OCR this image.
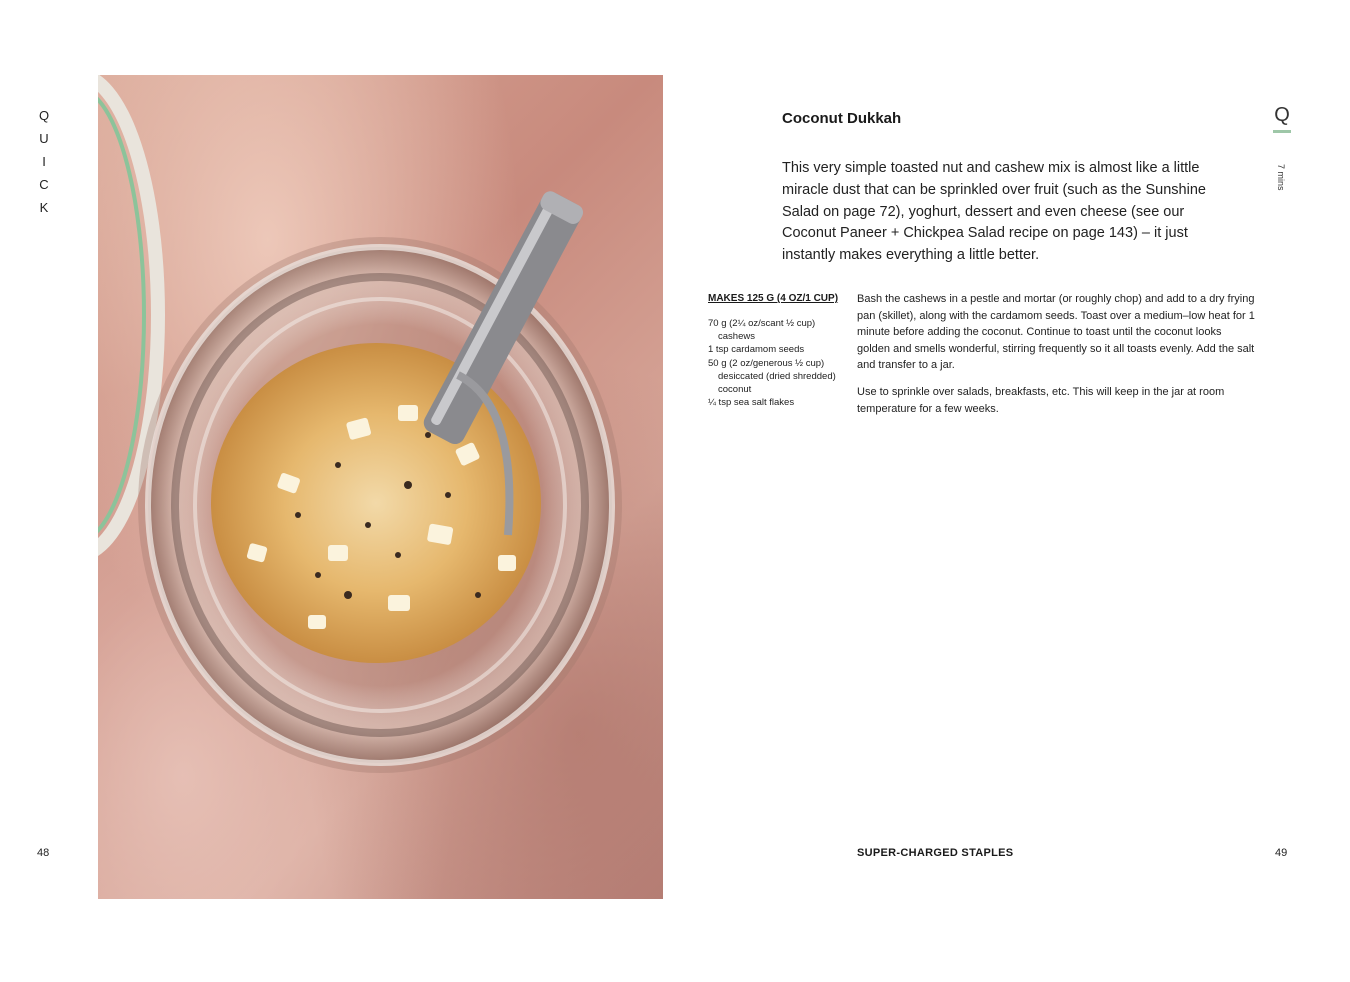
Q
U
I
C
K
Coconut Dukkah
This very simple toasted nut and cashew mix is almost like a little miracle dust that can be sprinkled over fruit (such as the Sunshine Salad on page 72), yoghurt, dessert and even cheese (see our Coconut Paneer + Chickpea Salad recipe on page 143) – it just instantly makes everything a little better.
MAKES 125 G (4 OZ/1 CUP)

70 g (2¼ oz/scant ½ cup) cashews

1 tsp cardamom seeds

50 g (2 oz/generous ½ cup) desiccated (dried shredded) coconut

¼ tsp sea salt flakes

Bash the cashews in a pestle and mortar (or roughly chop) and add to a dry frying pan (skillet), along with the cardamom seeds. Toast over a medium–low heat for 1 minute before adding the coconut. Continue to toast until the coconut looks golden and smells wonderful, stirring frequently so it all toasts evenly. Add the salt and transfer to a jar.

Use to sprinkle over salads, breakfasts, etc. This will keep in the jar at room temperature for a few weeks.

Q
7 mins
48	SUPER-CHARGED STAPLES	49
